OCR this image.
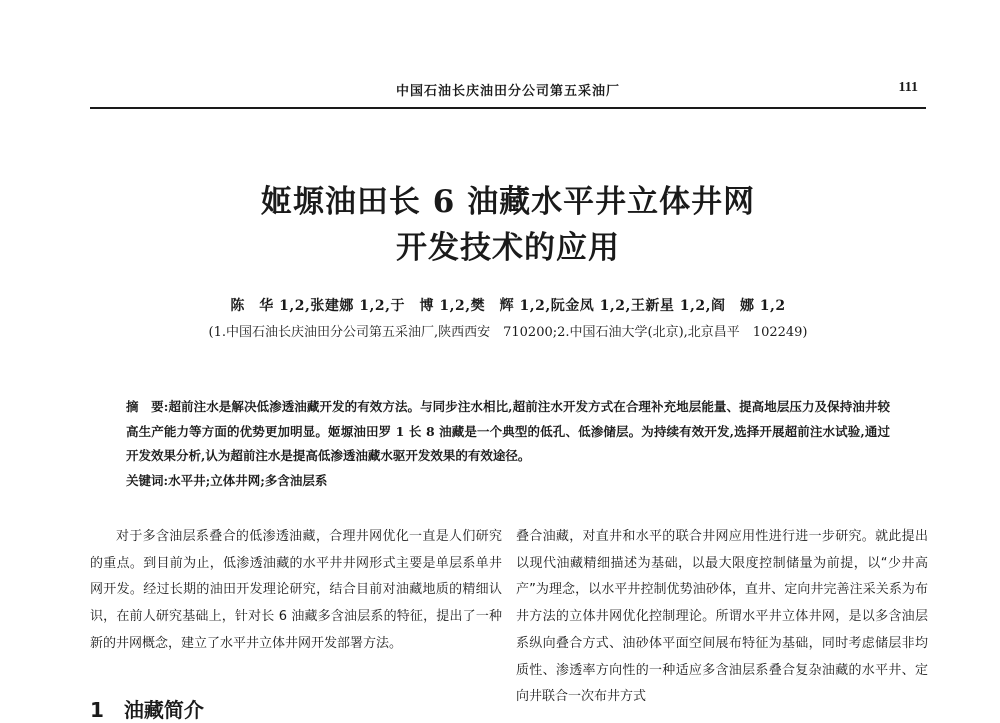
中国石油长庆油田分公司第五采油厂	111
姬塬油田长 6 油藏水平井立体井网
开发技术的应用
陈　华 1,2,张建娜 1,2,于　博 1,2,樊　辉 1,2,阮金凤 1,2,王新星 1,2,阎　娜 1,2
(1.中国石油长庆油田分公司第五采油厂,陕西西安　710200;2.中国石油大学(北京),北京昌平　102249)
摘　要:超前注水是解决低渗透油藏开发的有效方法。与同步注水相比,超前注水开发方式在合理补充地层能量、提高地层压力及保持油井较高生产能力等方面的优势更加明显。姬塬油田罗 1 长 8 油藏是一个典型的低孔、低渗储层。为持续有效开发,选择开展超前注水试验,通过开发效果分析,认为超前注水是提高低渗透油藏水驱开发效果的有效途径。
关键词:水平井;立体井网;多含油层系

对于多含油层系叠合的低渗透油藏，合理井网优化一直是人们研究的重点。到目前为止，低渗透油藏的水平井井网形式主要是单层系单井网开发。经过长期的油田开发理论研究，结合目前对油藏地质的精细认识，在前人研究基础上，针对长 6 油藏多含油层系的特征，提出了一种新的井网概念，建立了水平井立体井网开发部署方法。

1　油藏简介

叠合油藏，对直井和水平的联合井网应用性进行进一步研究。就此提出以现代油藏精细描述为基础，以最大限度控制储量为前提，以“少井高产”为理念，以水平井控制优势油砂体，直井、定向井完善注采关系为布井方法的立体井网优化控制理论。所谓水平井立体井网，是以多含油层系纵向叠合方式、油砂体平面空间展布特征为基础，同时考虑储层非均质性、渗透率方向性的一种适应多含油层系叠合复杂油藏的水平井、定向井联合一次布井方式
